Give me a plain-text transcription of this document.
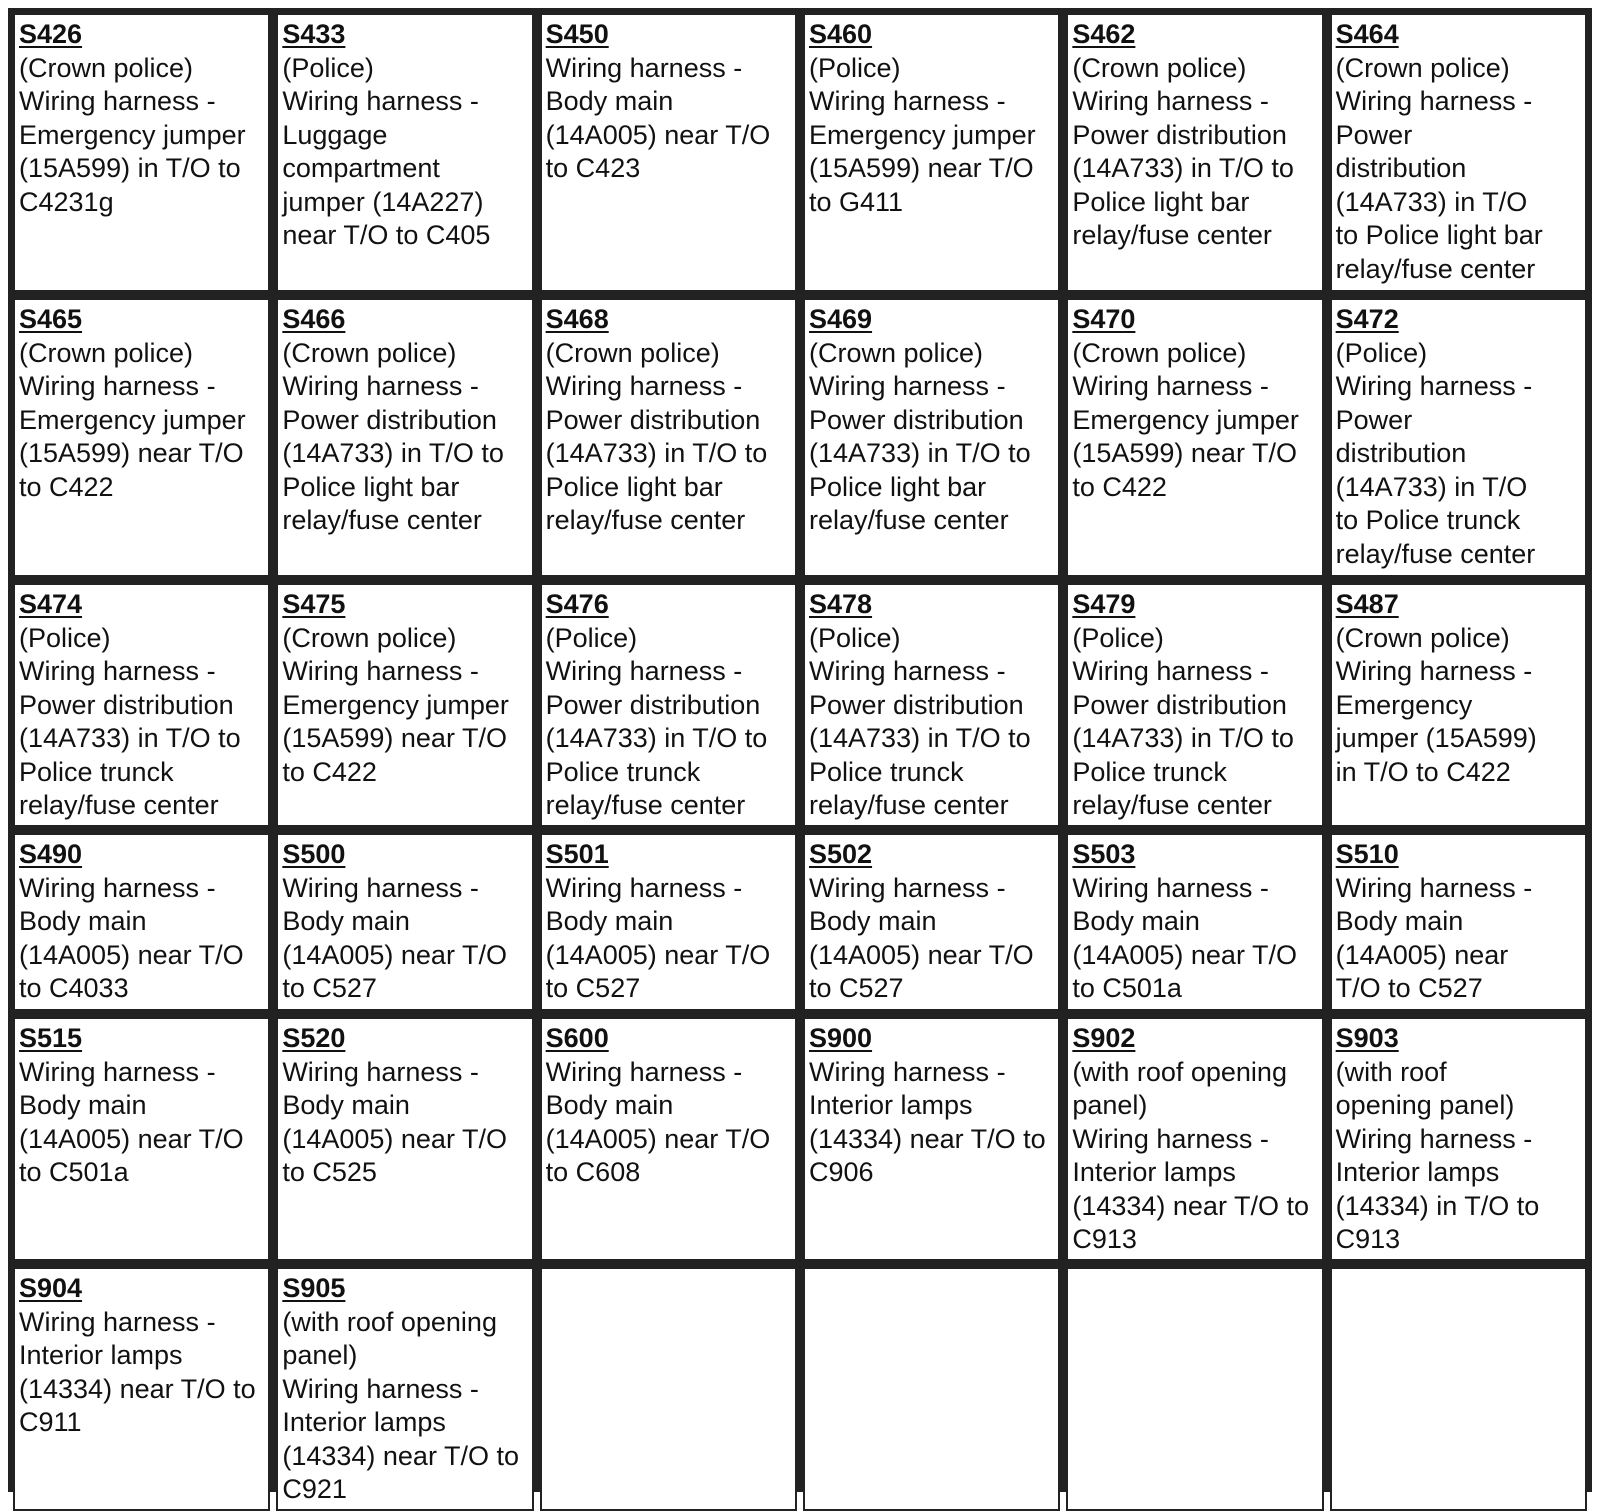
S426
(Crown police)
Wiring harness -
Emergency jumper
(15A599) in T/O to
C4231g
S433
(Police)
Wiring harness -
Luggage
compartment
jumper (14A227)
near T/O to C405
S450
Wiring harness -
Body main
(14A005) near T/O
to C423
S460
(Police)
Wiring harness -
Emergency jumper
(15A599) near T/O
to G411
S462
(Crown police)
Wiring harness -
Power distribution
(14A733) in T/O to
Police light bar
relay/fuse center
S464
(Crown police)
Wiring harness -
Power
distribution
(14A733) in T/O
to Police light bar
relay/fuse center
S465
(Crown police)
Wiring harness -
Emergency jumper
(15A599) near T/O
to C422
S466
(Crown police)
Wiring harness -
Power distribution
(14A733) in T/O to
Police light bar
relay/fuse center
S468
(Crown police)
Wiring harness -
Power distribution
(14A733) in T/O to
Police light bar
relay/fuse center
S469
(Crown police)
Wiring harness -
Power distribution
(14A733) in T/O to
Police light bar
relay/fuse center
S470
(Crown police)
Wiring harness -
Emergency jumper
(15A599) near T/O
to C422
S472
(Police)
Wiring harness -
Power
distribution
(14A733) in T/O
to Police trunck
relay/fuse center
S474
(Police)
Wiring harness -
Power distribution
(14A733) in T/O to
Police trunck
relay/fuse center
S475
(Crown police)
Wiring harness -
Emergency jumper
(15A599) near T/O
to C422
S476
(Police)
Wiring harness -
Power distribution
(14A733) in T/O to
Police trunck
relay/fuse center
S478
(Police)
Wiring harness -
Power distribution
(14A733) in T/O to
Police trunck
relay/fuse center
S479
(Police)
Wiring harness -
Power distribution
(14A733) in T/O to
Police trunck
relay/fuse center
S487
(Crown police)
Wiring harness -
Emergency
jumper (15A599)
in T/O to C422
S490
Wiring harness -
Body main
(14A005) near T/O
to C4033
S500
Wiring harness -
Body main
(14A005) near T/O
to C527
S501
Wiring harness -
Body main
(14A005) near T/O
to C527
S502
Wiring harness -
Body main
(14A005) near T/O
to C527
S503
Wiring harness -
Body main
(14A005) near T/O
to C501a
S510
Wiring harness -
Body main
(14A005) near
T/O to C527
S515
Wiring harness -
Body main
(14A005) near T/O
to C501a
S520
Wiring harness -
Body main
(14A005) near T/O
to C525
S600
Wiring harness -
Body main
(14A005) near T/O
to C608
S900
Wiring harness -
Interior lamps
(14334) near T/O to
C906
S902
(with roof opening
panel)
Wiring harness -
Interior lamps
(14334) near T/O to
C913
S903
(with roof
opening panel)
Wiring harness -
Interior lamps
(14334) in T/O to
C913
S904
Wiring harness -
Interior lamps
(14334) near T/O to
C911
S905
(with roof opening
panel)
Wiring harness -
Interior lamps
(14334) near T/O to
C921
